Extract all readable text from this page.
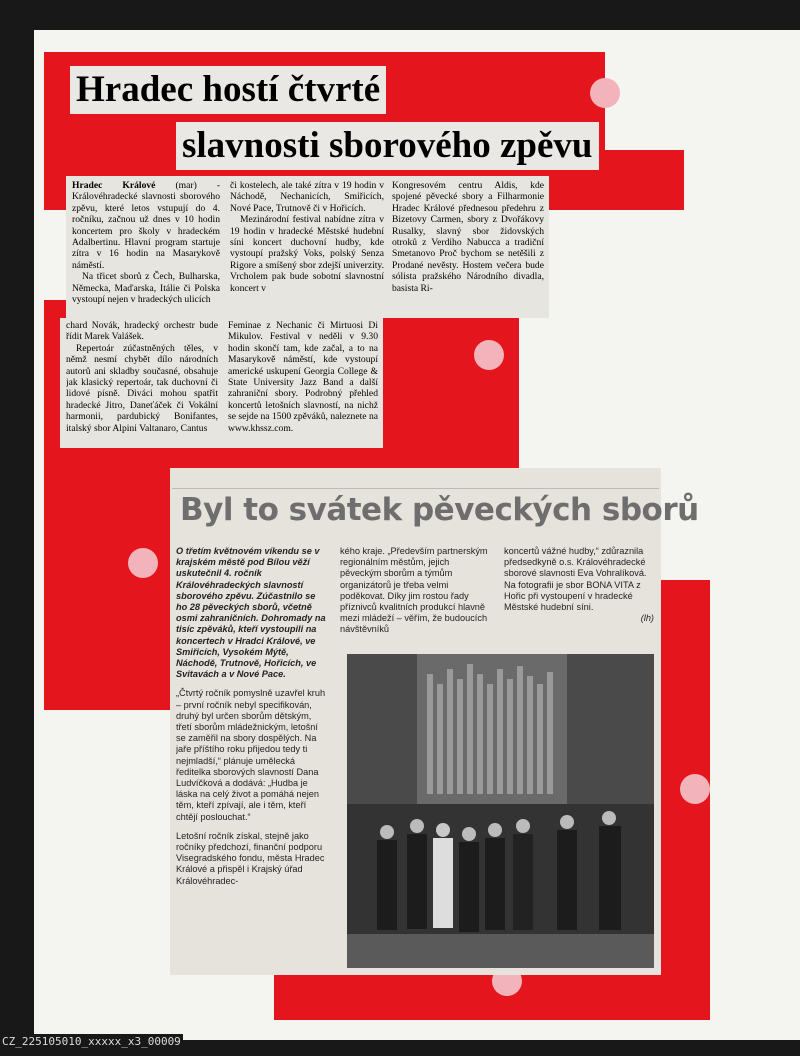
Hradec hostí čtvrté
slavnosti sborového zpěvu

Hradec Králové (mar) - Královéhradecké slavnosti sborového zpěvu, které letos vstupují do 4. ročníku, začnou už dnes v 10 hodin koncertem pro školy v hradeckém Adalbertinu. Hlavní program startuje zítra v 16 hodin na Masarykově náměstí.

Na třicet sborů z Čech, Bulharska, Německa, Maďarska, Itálie či Polska vystoupí nejen v hradeckých ulicích

či kostelech, ale také zítra v 19 hodin v Náchodě, Nechanicích, Smiřicích, Nové Pace, Trutnově či v Hořicích.

Mezinárodní festival nabídne zítra v 19 hodin v hradecké Městské hudební síni koncert duchovní hudby, kde vystoupí pražský Voks, polský Senza Rigore a smíšený sbor zdejší univerzity. Vrcholem pak bude sobotní slavnostní koncert v

Kongresovém centru Aldis, kde spojené pěvecké sbory a Filharmonie Hradec Králové přednesou předehru z Bizetovy Carmen, sbory z Dvořákovy Rusalky, slavný sbor židovských otroků z Verdiho Nabucca a tradiční Smetanovo Proč bychom se netěšili z Prodané nevěsty. Hostem večera bude sólista pražského Národního divadla, basista Ri-

chard Novák, hradecký orchestr bude řídit Marek Valášek.

Repertoár zúčastněných těles, v němž nesmí chybět dílo národních autorů ani skladby současné, obsahuje jak klasický repertoár, tak duchovní či lidové písně. Diváci mohou spatřit hradecké Jitro, Daneťáček či Vokální harmonii, pardubický Bonifantes, italský sbor Alpini Valtanaro, Cantus

Feminae z Nechanic či Mirtuosi Di Mikulov. Festival v neděli v 9.30 hodin skončí tam, kde začal, a to na Masarykově náměstí, kde vystoupí americké uskupení Georgia College & State University Jazz Band a další zahraniční sbory. Podrobný přehled koncertů letošních slavností, na nichž se sejde na 1500 zpěváků, naleznete na www.khssz.com.

Byl to svátek pěveckých sborů

O třetím květnovém víkendu se v krajském městě pod Bílou věží uskutečnil 4. ročník Královéhradeckých slavností sborového zpěvu. Zúčastnilo se ho 28 pěveckých sborů, včetně osmi zahraničních. Dohromady na tisíc zpěváků, kteří vystoupili na koncertech v Hradci Králové, ve Smiřicích, Vysokém Mýtě, Náchodě, Trutnově, Hořicích, ve Svitavách a v Nové Pace.

„Čtvrtý ročník pomyslně uzavřel kruh – první ročník nebyl specifikován, druhý byl určen sborům dětským, třetí sborům mládežnickým, letošní se zaměřil na sbory dospělých. Na jaře příštího roku přijedou tedy ti nejmladší,“ plánuje umělecká ředitelka sborových slavností Dana Ludvíčková a dodává: „Hudba je láska na celý život a pomáhá nejen těm, kteří zpívají, ale i těm, kteří chtějí poslouchat.“

Letošní ročník získal, stejně jako ročníky předchozí, finanční podporu Visegradského fondu, města Hradec Králové a přispěl i Krajský úřad Královéhradec-

kého kraje. „Především partnerským regionálním městům, jejich pěveckým sborům a týmům organizátorů je třeba velmi poděkovat. Díky jim rostou řady příznivců kvalitních produkcí hlavně mezi mládeží – věřím, že budoucích návštěvníků

koncertů vážné hudby,“ zdůraznila předsedkyně o.s. Královéhradecké sborové slavnosti Eva Vohralíková. Na fotografii je sbor BONA VITA z Hořic při vystoupení v hradecké Městské hudební síni.

(lh)
CZ_225105010_xxxxx_x3_00009
